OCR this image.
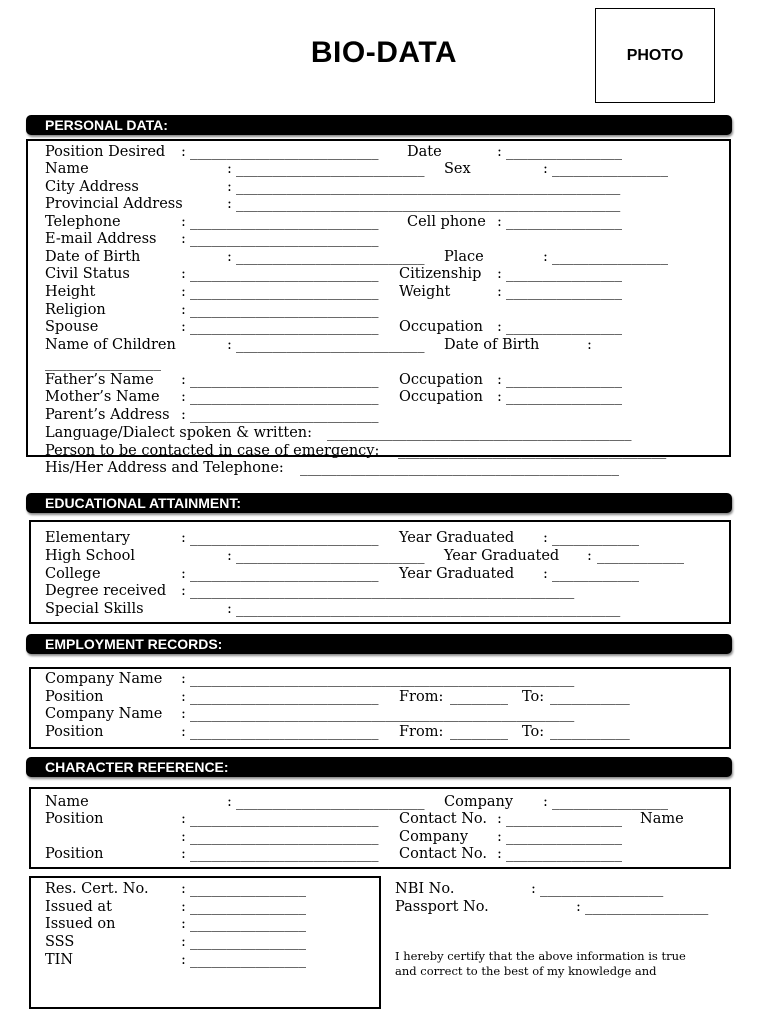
BIO-DATA	PHOTO
PERSONAL DATA:
Position Desired : __________________________ Date	: ________________
Name	: __________________________ Sex	: ________________
City Address	: _____________________________________________________
Provincial Address	: _____________________________________________________
Telephone	: __________________________ Cell phone : ________________
E-mail Address : __________________________
Date of Birth	: __________________________ Place	: ________________
Civil Status	: __________________________ Citizenship : ________________
Height	: __________________________ Weight	: ________________
Religion	: __________________________
Spouse	: __________________________ Occupation : ________________
Name of Children	: __________________________ Date of Birth	:
________________
Father’s Name : __________________________ Occupation : ________________
Mother’s Name : __________________________ Occupation : ________________
Parent’s Address : __________________________
Language/Dialect spoken & written: __________________________________________
Person to be contacted in case of emergency: _____________________________________
His/Her Address and Telephone: ____________________________________________
EDUCATIONAL ATTAINMENT:
Elementary	: __________________________ Year Graduated : ____________
High School	: __________________________ Year Graduated : ____________
College	: __________________________ Year Graduated : ____________
Degree received : _____________________________________________________
Special Skills	: _____________________________________________________
EMPLOYMENT RECORDS:
Company Name : _____________________________________________________
Position	: __________________________ From: ________ To: ___________
Company Name : _____________________________________________________
Position	: __________________________ From: ________ To: ___________
CHARACTER REFERENCE:
Name	: __________________________ Company : ________________
Position	: __________________________ Contact No. : ________________ Name
: __________________________ Company : ________________
Position	: __________________________ Contact No. : ________________
Res. Cert. No. : ________________
Issued at	: ________________
Issued on	: ________________
SSS	: ________________
TIN	: ________________
NBI No.	: _________________
Passport No.	: _________________
I hereby certify that the above information is true
and correct to the best of my knowledge and
